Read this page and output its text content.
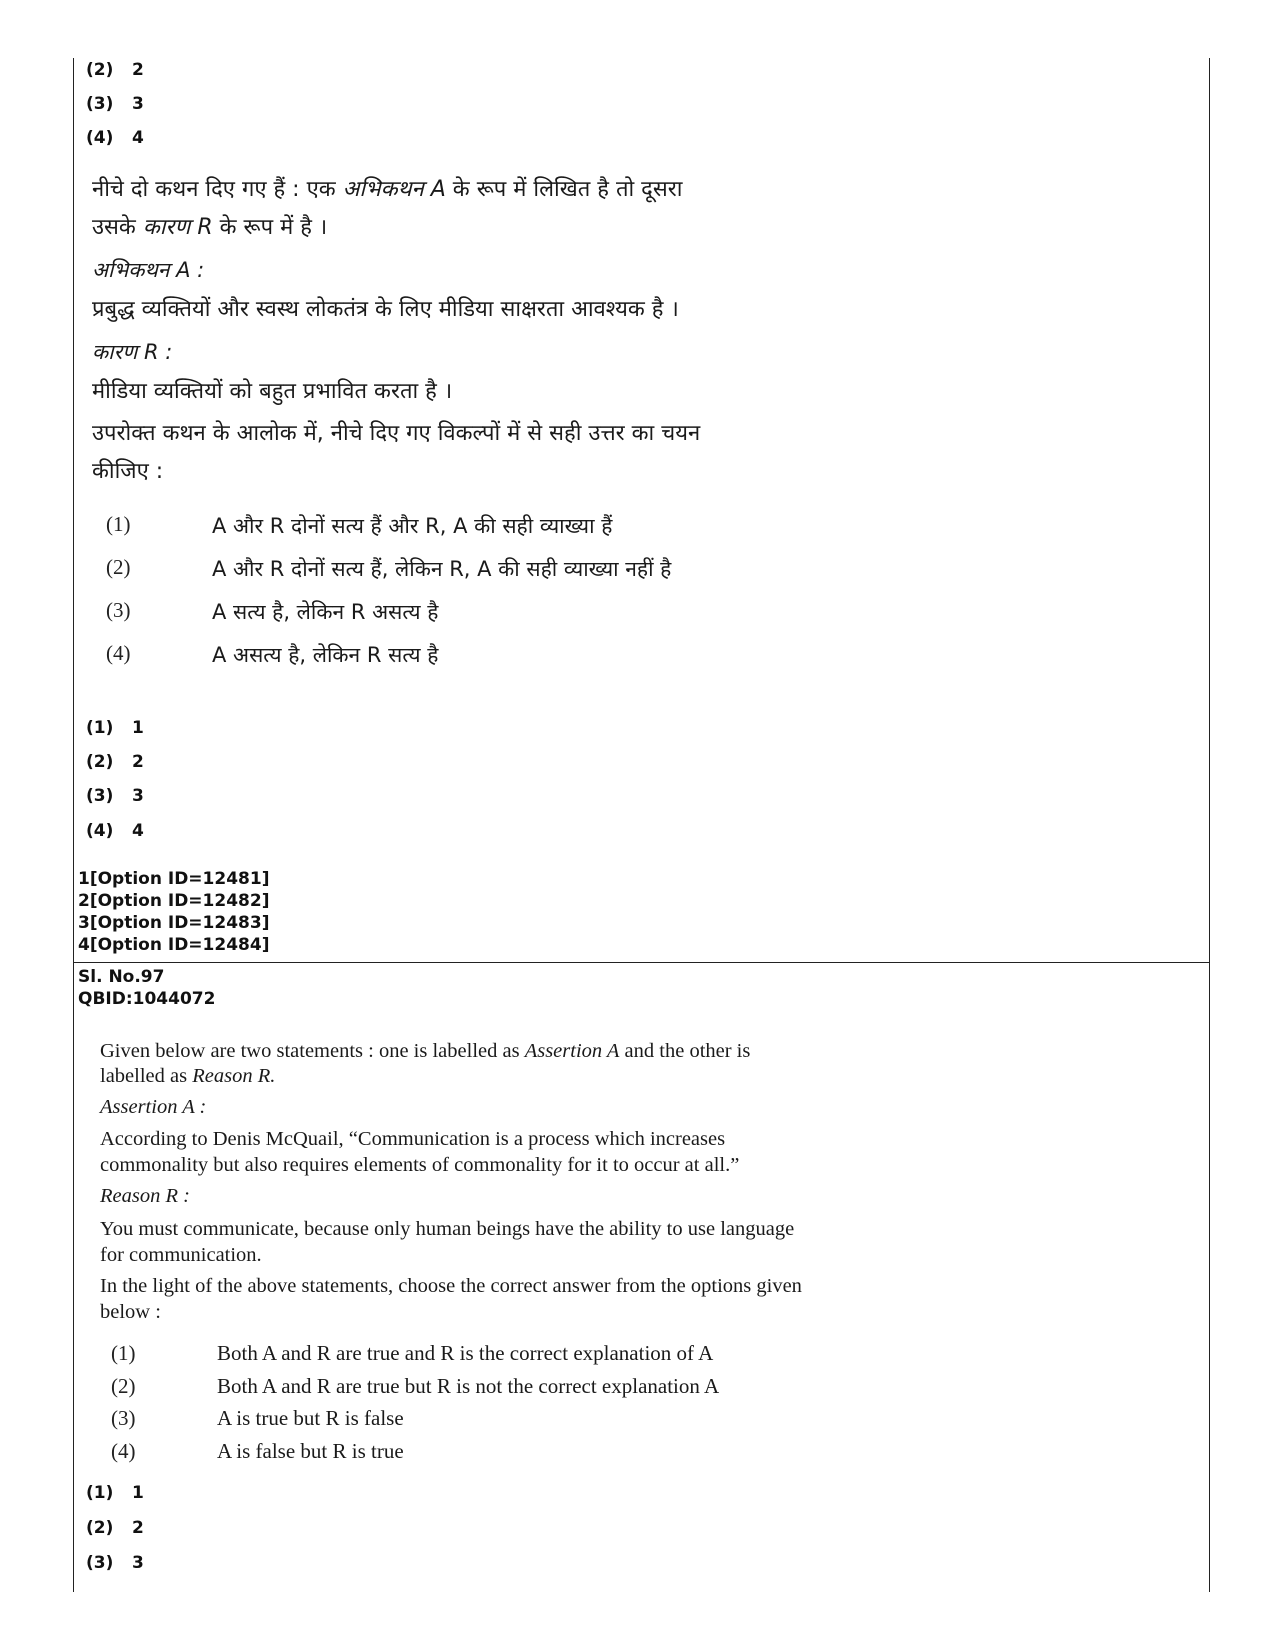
(2) 2
(3) 3
(4) 4
नीचे दो कथन दिए गए हैं : एक अभिकथन A के रूप में लिखित है तो दूसरा
उसके कारण R के रूप में है ।
अभिकथन A :
प्रबुद्ध व्यक्तियों और स्वस्थ लोकतंत्र के लिए मीडिया साक्षरता आवश्यक है ।
कारण R :
मीडिया व्यक्तियों को बहुत प्रभावित करता है ।
उपरोक्त कथन के आलोक में, नीचे दिए गए विकल्पों में से सही उत्तर का चयन
कीजिए :
(1)	A और R दोनों सत्य हैं और R, A की सही व्याख्या हैं
(2)	A और R दोनों सत्य हैं, लेकिन R, A की सही व्याख्या नहीं है
(3)	A सत्य है, लेकिन R असत्य है
(4)	A असत्य है, लेकिन R सत्य है
(1) 1
(2) 2
(3) 3
(4) 4
1[Option ID=12481]
2[Option ID=12482]
3[Option ID=12483]
4[Option ID=12484]
Sl. No.97
QBID:1044072
Given below are two statements : one is labelled as Assertion A and the other is
labelled as Reason R.
Assertion A :
According to Denis McQuail, “Communication is a process which increases
commonality but also requires elements of commonality for it to occur at all.”
Reason R :
You must communicate, because only human beings have the ability to use language
for communication.
In the light of the above statements, choose the correct answer from the options given
below :
(1)	Both A and R are true and R is the correct explanation of A
(2)	Both A and R are true but R is not the correct explanation A
(3)	A is true but R is false
(4)	A is false but R is true
(1) 1
(2) 2
(3) 3
